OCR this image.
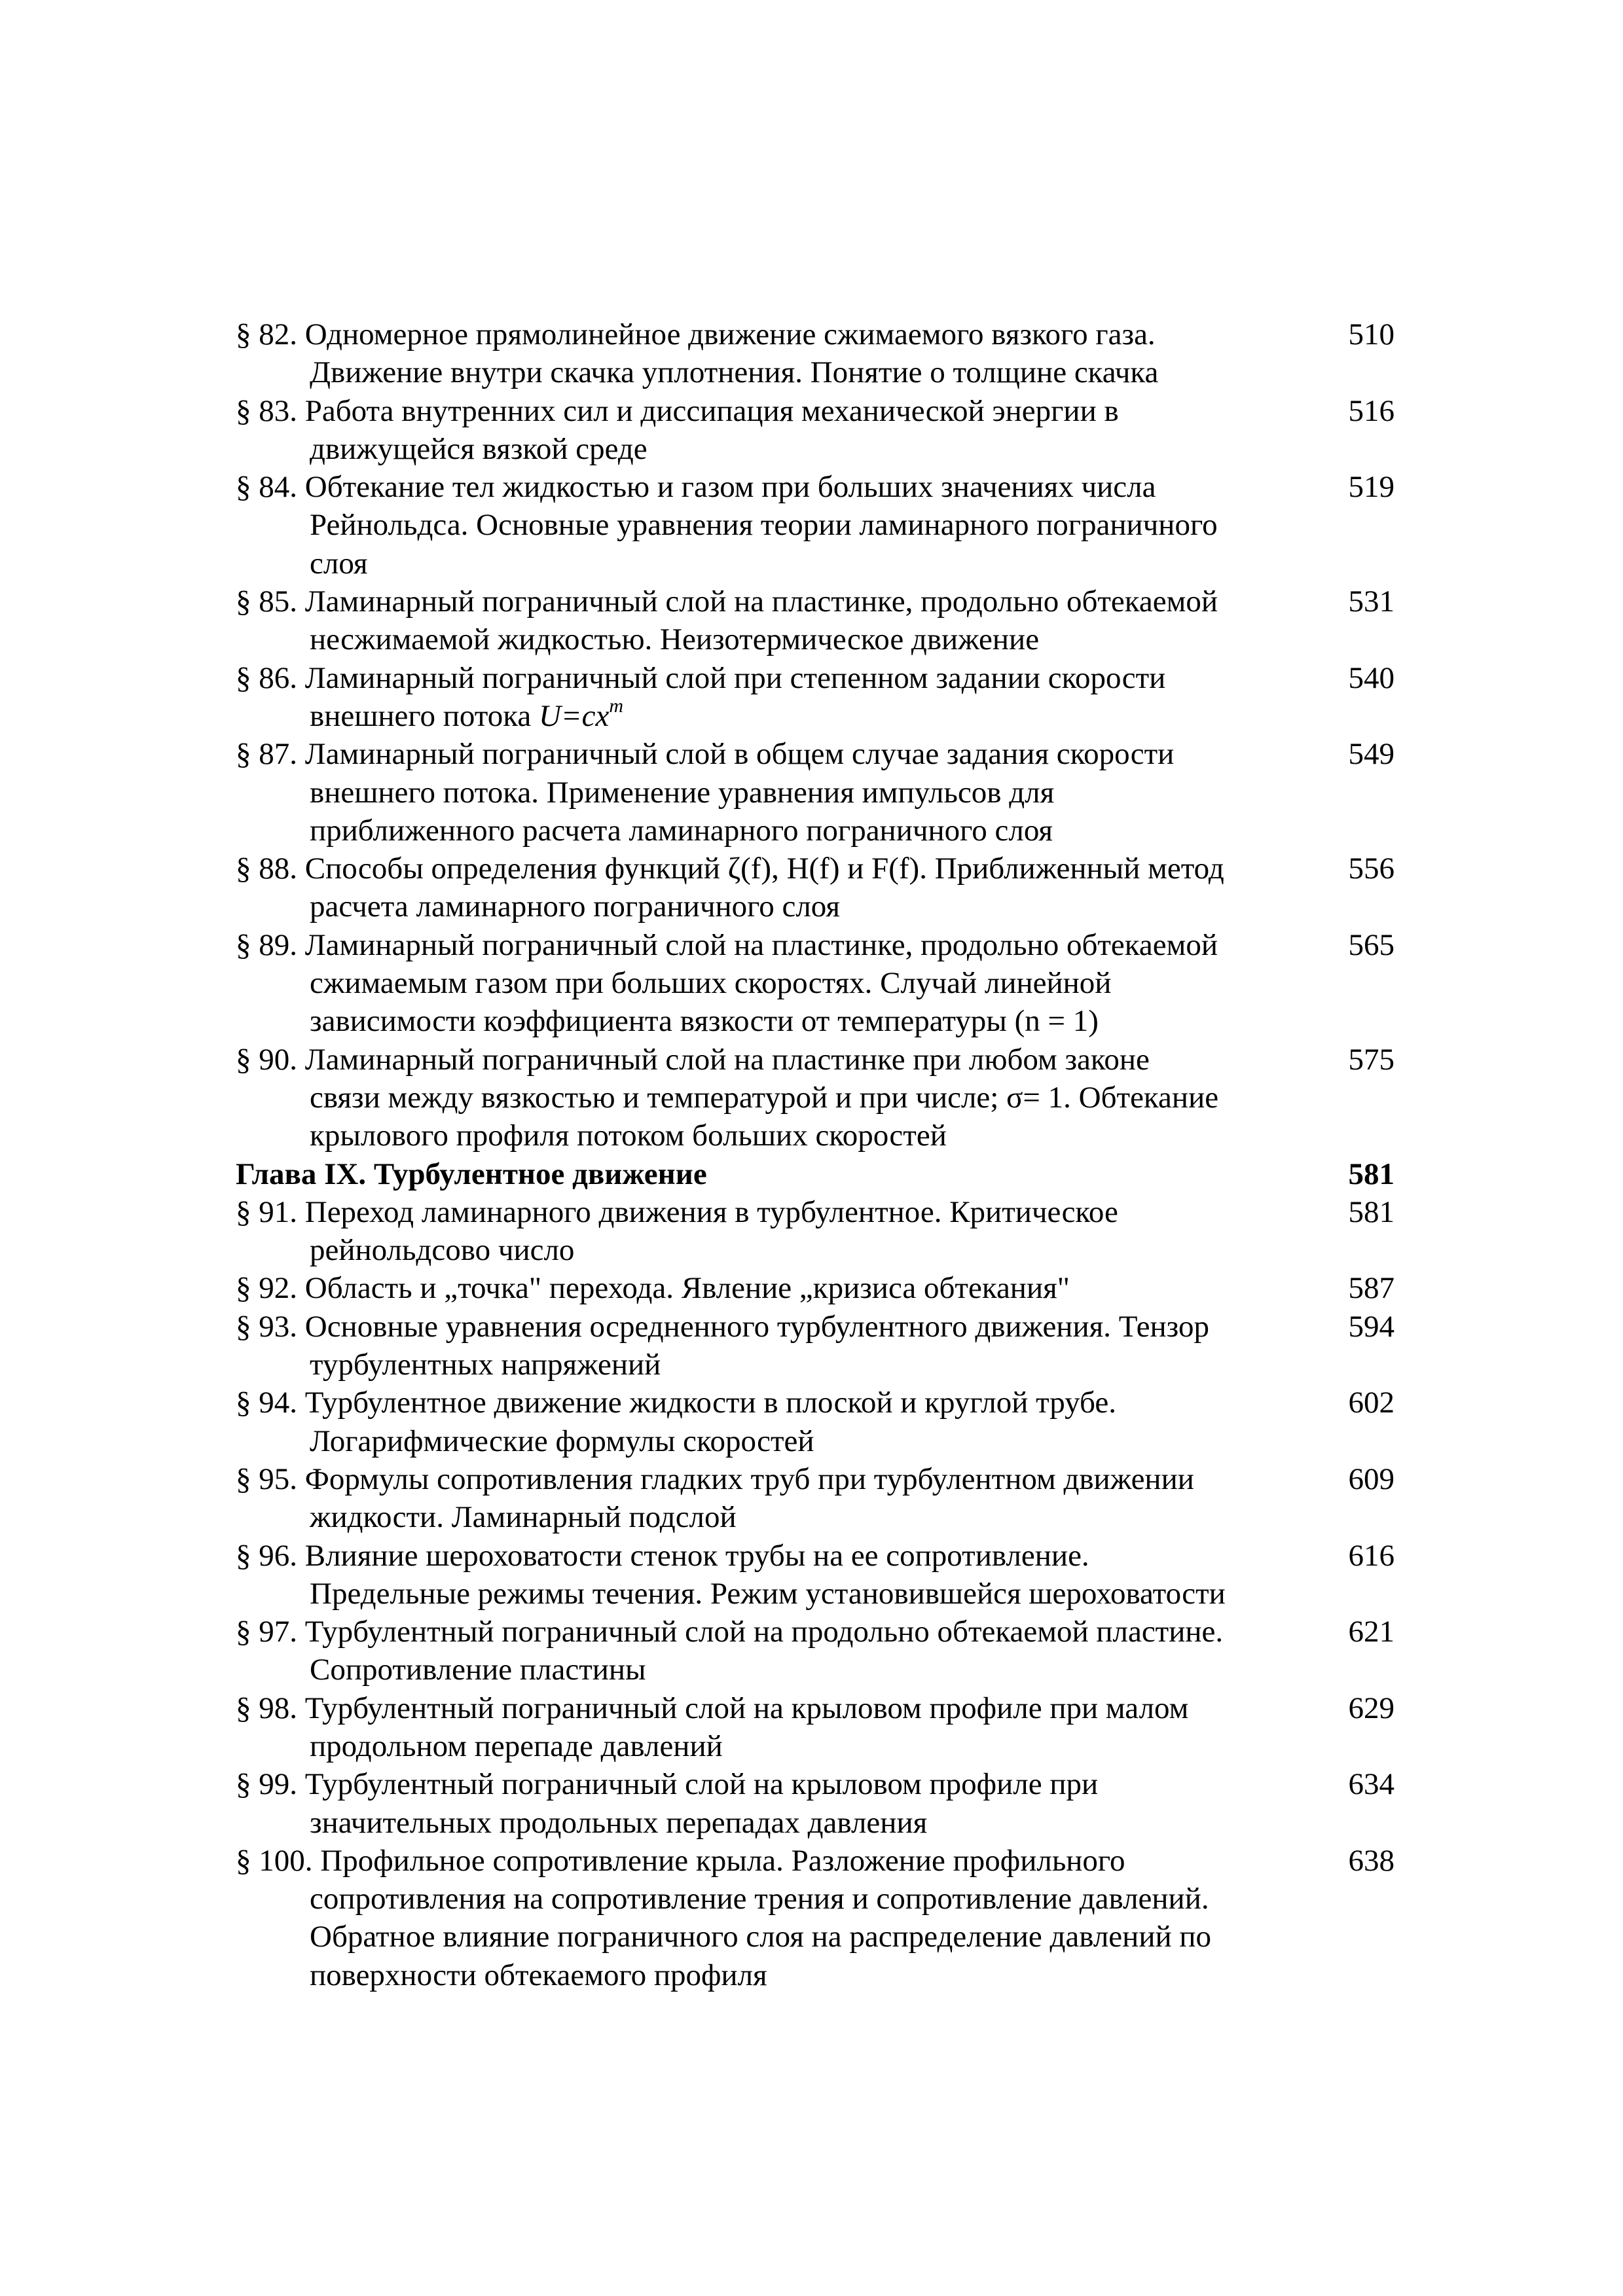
§ 82. Одномерное прямолинейное движение сжимаемого вязкого газа.
Движение внутри скачка уплотнения. Понятие о толщине скачка
510
§ 83. Работа внутренних сил и диссипация механической энергии в
движущейся вязкой среде
516
§ 84. Обтекание тел жидкостью и газом при больших значениях числа
Рейнольдса. Основные уравнения теории ламинарного пограничного
слоя
519
§ 85. Ламинарный пограничный слой на пластинке, продольно обтекаемой
несжимаемой жидкостью. Неизотермическое движение
531
§ 86. Ламинарный пограничный слой при степенном задании скорости
внешнего потока $U=cx^m$
540
§ 87. Ламинарный пограничный слой в общем случае задания скорости
внешнего потока. Применение уравнения импульсов для
приближенного расчета ламинарного пограничного слоя
549
§ 88. Способы определения функций ζ(f), H(f) и F(f). Приближенный метод
расчета ламинарного пограничного слоя
556
§ 89. Ламинарный пограничный слой на пластинке, продольно обтекаемой
сжимаемым газом при больших скоростях. Случай линейной
зависимости коэффициента вязкости от температуры (n = 1)
565
§ 90. Ламинарный пограничный слой на пластинке при любом законе
связи между вязкостью и температурой и при числе; σ= 1. Обтекание
крылового профиля потоком больших скоростей
575
Глава IX. Турбулентное движение	581
§ 91. Переход ламинарного движения в турбулентное. Критическое
рейнольдсово число
581
§ 92. Область и „точка" перехода. Явление „кризиса обтекания"	587
§ 93. Основные уравнения осредненного турбулентного движения. Тензор
турбулентных напряжений
594
§ 94. Турбулентное движение жидкости в плоской и круглой трубе.
Логарифмические формулы скоростей
602
§ 95. Формулы сопротивления гладких труб при турбулентном движении
жидкости. Ламинарный подслой
609
§ 96. Влияние шероховатости стенок трубы на ее сопротивление.
Предельные режимы течения. Режим установившейся шероховатости
616
§ 97. Турбулентный пограничный слой на продольно обтекаемой пластине.
Сопротивление пластины
621
§ 98. Турбулентный пограничный слой на крыловом профиле при малом
продольном перепаде давлений
629
§ 99. Турбулентный пограничный слой на крыловом профиле при
значительных продольных перепадах давления
634
§ 100. Профильное сопротивление крыла. Разложение профильного
сопротивления на сопротивление трения и сопротивление давлений.
Обратное влияние пограничного слоя на распределение давлений по
поверхности обтекаемого профиля
638
